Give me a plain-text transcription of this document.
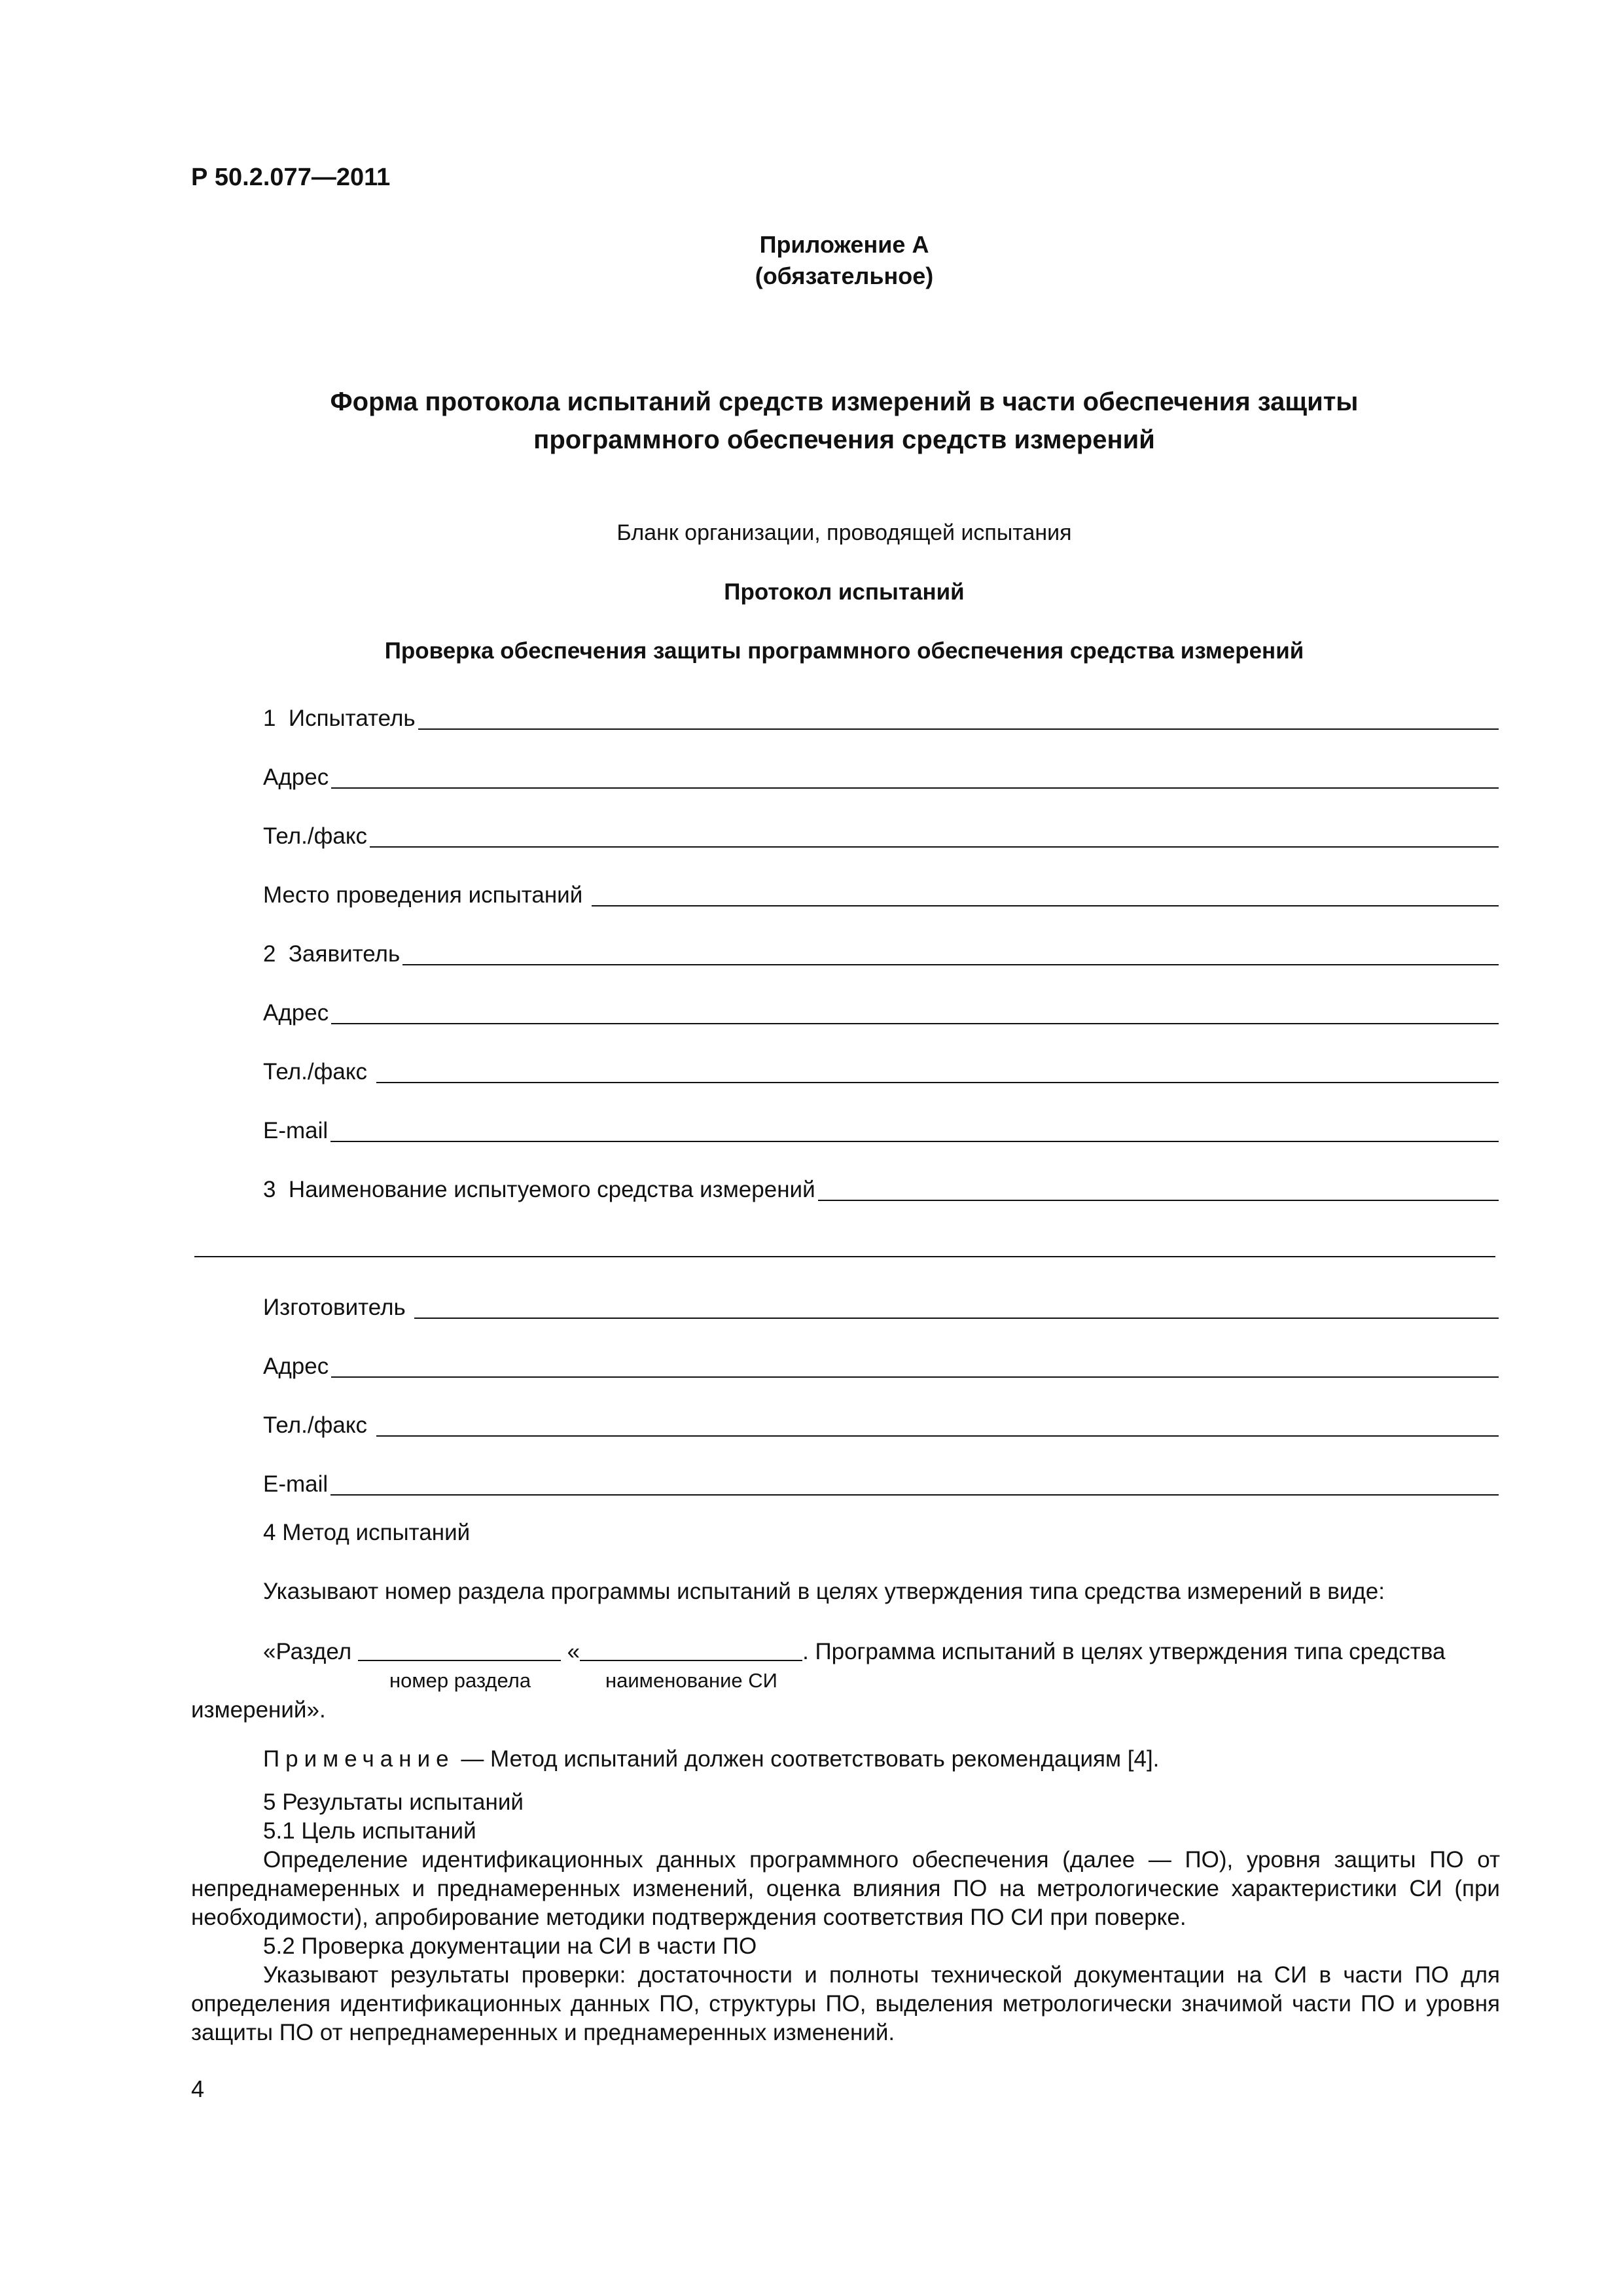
Р 50.2.077—2011
Приложение А
(обязательное)
Форма протокола испытаний средств измерений в части обеспечения защиты
программного обеспечения средств измерений
Бланк организации, проводящей испытания
Протокол испытаний
Проверка обеспечения защиты программного обеспечения средства измерений
1  Испытатель
Адрес
Тел./факс
Место проведения испытаний
2  Заявитель
Адрес
Тел./факс
E-mail
3  Наименование испытуемого средства измерений
Изготовитель
Адрес
Тел./факс
E-mail
4 Метод испытаний
Указывают номер раздела программы испытаний в целях утверждения типа средства измерений в виде:
«Раздел	«	. Программа испытаний в целях утверждения типа средства
номер раздела	наименование СИ
измерений».
Примечание — Метод испытаний должен соответствовать рекомендациям [4].
5 Результаты испытаний
5.1 Цель испытаний
Определение идентификационных данных программного обеспечения (далее — ПО), уровня защиты ПО от непреднамеренных и преднамеренных изменений, оценка влияния ПО на метрологические характеристики СИ (при необходимости), апробирование методики подтверждения соответствия ПО СИ при поверке.
5.2 Проверка документации на СИ в части ПО
Указывают результаты проверки: достаточности и полноты технической документации на СИ в части ПО для определения идентификационных данных ПО, структуры ПО, выделения метрологически значимой части ПО и уровня защиты ПО от непреднамеренных и преднамеренных изменений.
4
